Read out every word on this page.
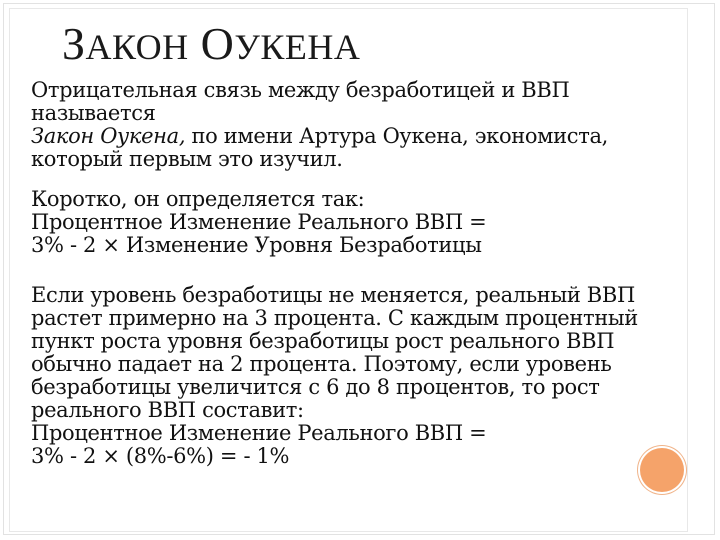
ЗАКОН ОУКЕНА
Отрицательная связь между безработицей и ВВП
называется
Закон Оукена, по имени Артура Оукена, экономиста,
который первым это изучил.
Коротко, он определяется так:
Процентное Изменение Реального ВВП =
3% - 2 × Изменение Уровня Безработицы
Если уровень безработицы не меняется, реальный ВВП
растет примерно на 3 процента. С каждым процентный
пункт роста уровня безработицы рост реального ВВП
обычно падает на 2 процента. Поэтому, если уровень
безработицы увеличится с 6 до 8 процентов, то рост
реального ВВП составит:
Процентное Изменение Реального ВВП =
3% - 2 × (8%-6%) = - 1%
